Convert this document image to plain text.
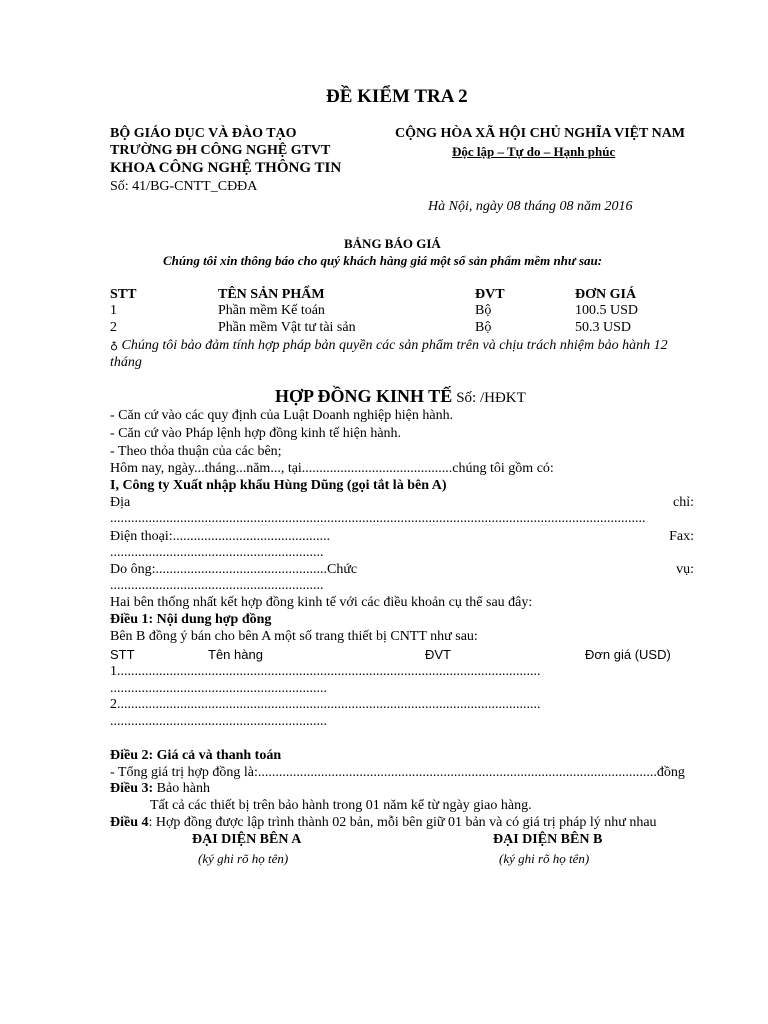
ĐỀ KIỂM TRA 2
BỘ GIÁO DỤC VÀ ĐÀO TẠO
TRƯỜNG ĐH CÔNG NGHỆ GTVT
KHOA CÔNG NGHỆ THÔNG TIN
Số: 41/BG-CNTT_CĐĐA
CỘNG HÒA XÃ HỘI CHỦ NGHĨA VIỆT NAM
Độc lập – Tự do – Hạnh phúc
Hà Nội, ngày 08 tháng 08 năm 2016
BẢNG BÁO GIÁ
Chúng tôi xin thông báo cho quý khách hàng giá một số sản phẩm mềm như sau:
STT	TÊN SẢN PHẨM	ĐVT	ĐƠN GIÁ
1	Phần mềm Kế toán	Bộ	100.5 USD
2	Phần mềm Vật tư tài sản	Bộ	50.3 USD
♁ Chúng tôi bảo đảm tính hợp pháp bản quyền các sản phẩm trên và chịu trách nhiệm bảo hành 12
tháng
HỢP ĐỒNG KINH TẾ Số: /HĐKT
- Căn cứ vào các quy định của Luật Doanh nghiệp hiện hành.
- Căn cứ vào Pháp lệnh hợp đồng kinh tế hiện hành.
- Theo thỏa thuận của các bên;
Hôm nay, ngày...tháng...năm..., tại...........................................chúng tôi gồm có:
I, Công ty Xuất nhập khẩu Hùng Dũng (gọi tắt là bên A)
Địa	chỉ:
.........................................................................................................................................................
Điện thoại:.............................................	Fax:
.............................................................
Do ông:.................................................Chức	vụ:
.............................................................
Hai bên thống nhất kết hợp đồng kinh tế với các điều khoản cụ thể sau đây:
Điều 1: Nội dung hợp đồng
Bên B đồng ý bán cho bên A một số trang thiết bị CNTT như sau:
STT	Tên hàng	ĐVT	Đơn giá (USD)
1.........................................................................................................................
..............................................................
2.........................................................................................................................
..............................................................
Điều 2: Giá cả và thanh toán
- Tổng giá trị hợp đồng là:..................................................................................................................đồng
Điều 3: Bảo hành
Tất cả các thiết bị trên bảo hành trong 01 năm kể từ ngày giao hàng.
Điều 4: Hợp đồng được lập trình thành 02 bản, mỗi bên giữ 01 bản và có giá trị pháp lý như nhau
ĐẠI DIỆN BÊN A
(ký ghi rõ họ tên)
ĐẠI DIỆN BÊN B
(ký ghi rõ họ tên)
